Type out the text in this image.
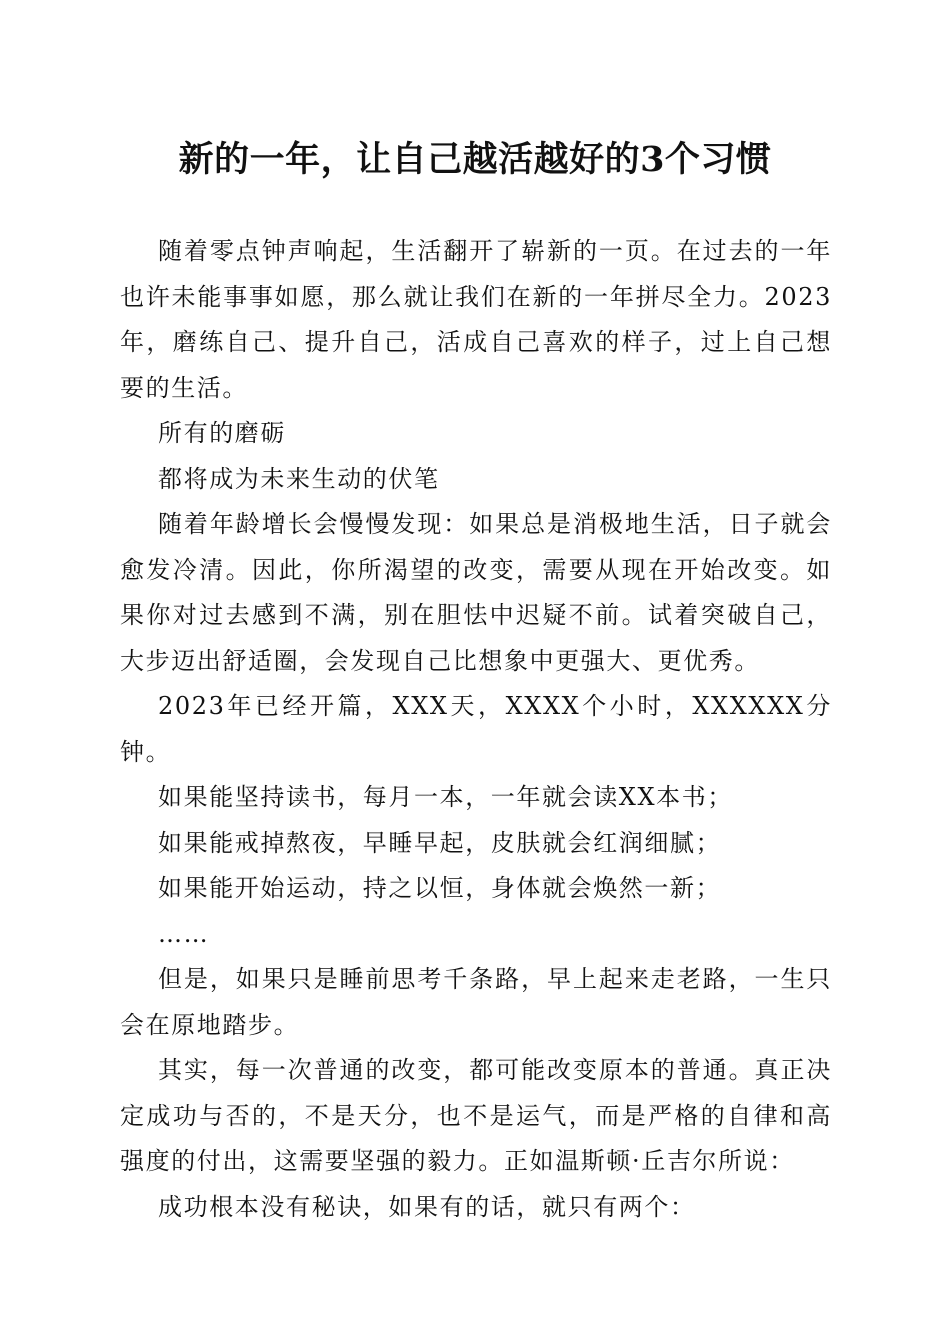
新的一年，让自己越活越好的3个习惯

随着零点钟声响起，生活翻开了崭新的一页。在过去的一年也许未能事事如愿，那么就让我们在新的一年拼尽全力。2023年，磨练自己、提升自己，活成自己喜欢的样子，过上自己想要的生活。

所有的磨砺

都将成为未来生动的伏笔

随着年龄增长会慢慢发现：如果总是消极地生活，日子就会愈发冷清。因此，你所渴望的改变，需要从现在开始改变。如果你对过去感到不满，别在胆怯中迟疑不前。试着突破自己，大步迈出舒适圈，会发现自己比想象中更强大、更优秀。

2023年已经开篇，XXX天，XXXX个小时，XXXXXX分钟。

如果能坚持读书，每月一本，一年就会读XX本书；

如果能戒掉熬夜，早睡早起，皮肤就会红润细腻；

如果能开始运动，持之以恒，身体就会焕然一新；

……

但是，如果只是睡前思考千条路，早上起来走老路，一生只会在原地踏步。

其实，每一次普通的改变，都可能改变原本的普通。真正决定成功与否的，不是天分，也不是运气，而是严格的自律和高强度的付出，这需要坚强的毅力。正如温斯顿·丘吉尔所说：

成功根本没有秘诀，如果有的话，就只有两个：
